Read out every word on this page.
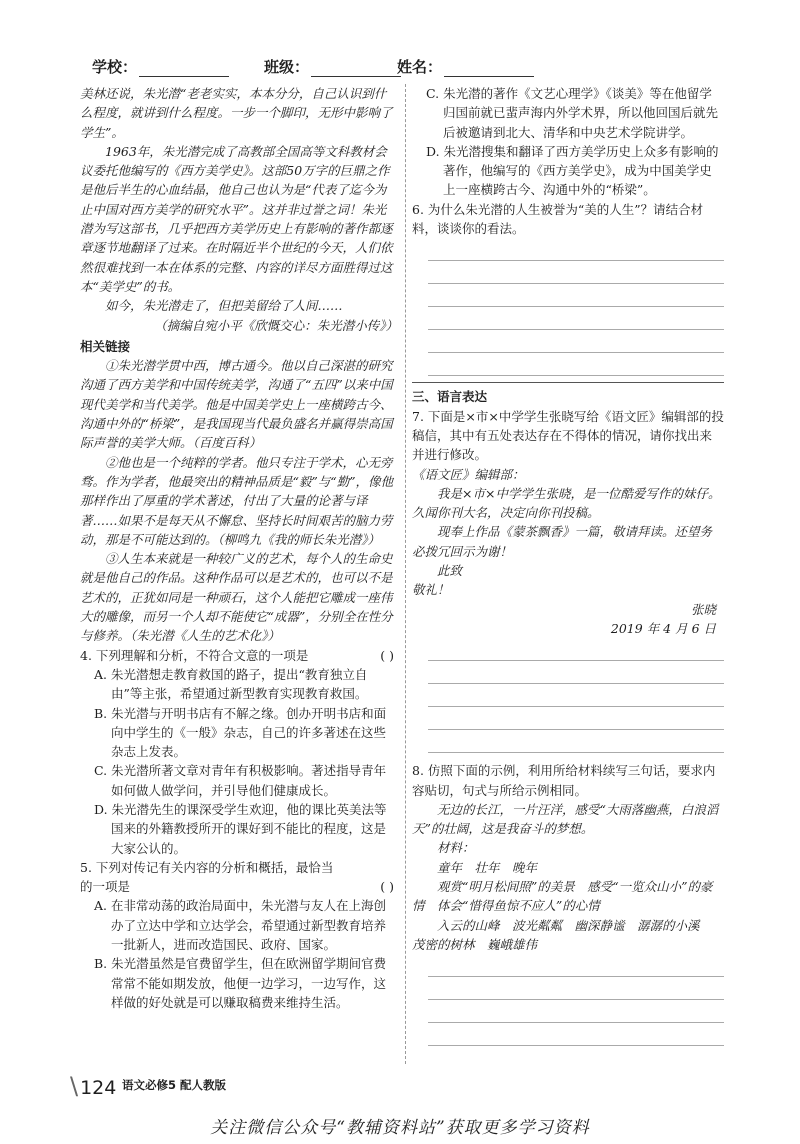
学校：	班级：	姓名：

美林还说，朱光潜“老老实实，本本分分，自己认识到什么程度，就讲到什么程度。一步一个脚印，无形中影响了学生”。

1963年，朱光潜完成了高教部全国高等文科教材会议委托他编写的《西方美学史》。这部50万字的巨鼎之作是他后半生的心血结晶，他自己也认为是“代表了迄今为止中国对西方美学的研究水平”。这并非过誉之词！朱光潜为写这部书，几乎把西方美学历史上有影响的著作都逐章逐节地翻译了过来。在时隔近半个世纪的今天，人们依然很难找到一本在体系的完整、内容的详尽方面胜得过这本“美学史”的书。

如今，朱光潜走了，但把美留给了人间……

（摘编自宛小平《欣慨交心：朱光潜小传》）

相关链接

①朱光潜学贯中西，博古通今。他以自己深湛的研究沟通了西方美学和中国传统美学，沟通了“五四”以来中国现代美学和当代美学。他是中国美学史上一座横跨古今、沟通中外的“桥梁”，是我国现当代最负盛名并赢得崇高国际声誉的美学大师。（百度百科）

②他也是一个纯粹的学者。他只专注于学术，心无旁骛。作为学者，他最突出的精神品质是“毅”与“勤”，像他那样作出了厚重的学术著述，付出了大量的论著与译著……如果不是每天从不懈怠、坚持长时间艰苦的脑力劳动，那是不可能达到的。（柳鸣九《我的师长朱光潜》）

③人生本来就是一种较广义的艺术，每个人的生命史就是他自己的作品。这种作品可以是艺术的，也可以不是艺术的，正犹如同是一种顽石，这个人能把它雕成一座伟大的雕像，而另一个人却不能使它“成器”，分别全在性分与修养。（朱光潜《人生的艺术化》）

4. 下列理解和分析，不符合文意的一项是	( )

A. 朱光潜想走教育救国的路子，提出“教育独立自由”等主张，希望通过新型教育实现教育救国。

B. 朱光潜与开明书店有不解之缘。创办开明书店和面向中学生的《一般》杂志，自己的许多著述在这些杂志上发表。

C. 朱光潜所著文章对青年有积极影响。著述指导青年如何做人做学问，并引导他们健康成长。

D. 朱光潜先生的课深受学生欢迎，他的课比英美法等国来的外籍教授所开的课好到不能比的程度，这是大家公认的。

5. 下列对传记有关内容的分析和概括，最恰当的一项是	( )

A. 在非常动荡的政治局面中，朱光潜与友人在上海创办了立达中学和立达学会，希望通过新型教育培养一批新人，进而改造国民、政府、国家。

B. 朱光潜虽然是官费留学生，但在欧洲留学期间官费常常不能如期发放，他便一边学习，一边写作，这样做的好处就是可以赚取稿费来维持生活。

C. 朱光潜的著作《文艺心理学》《谈美》等在他留学归国前就已蜚声海内外学术界，所以他回国后就先后被邀请到北大、清华和中央艺术学院讲学。

D. 朱光潜搜集和翻译了西方美学历史上众多有影响的著作，他编写的《西方美学史》，成为中国美学史上一座横跨古今、沟通中外的“桥梁”。

6. 为什么朱光潜的人生被誉为“美的人生”？请结合材料，谈谈你的看法。

三、语言表达

7. 下面是×市×中学学生张晓写给《语文匠》编辑部的投稿信，其中有五处表达存在不得体的情况，请你找出来并进行修改。

《语文匠》编辑部：

我是×市×中学学生张晓，是一位酷爱写作的妹仔。久闻你刊大名，决定向你刊投稿。

现奉上作品《蒙茶飘香》一篇，敬请拜读。还望务必拨冗回示为谢！

此致

敬礼！

张晓

2019 年 4 月 6 日

8. 仿照下面的示例，利用所给材料续写三句话，要求内容贴切，句式与所给示例相同。

无边的长江，一片汪洋，感受“大雨落幽燕，白浪滔天”的壮阔，这是我奋斗的梦想。

材料：

童年　壮年　晚年

观赏“明月松间照”的美景　感受“一览众山小”的豪情　体会“惜得鱼惊不应人”的心情

入云的山峰　波光粼粼　幽深静谧　潺潺的小溪　茂密的树林　巍峨雄伟

\ 124 语文必修5 配人教版
关注微信公众号“教辅资料站”获取更多学习资料
